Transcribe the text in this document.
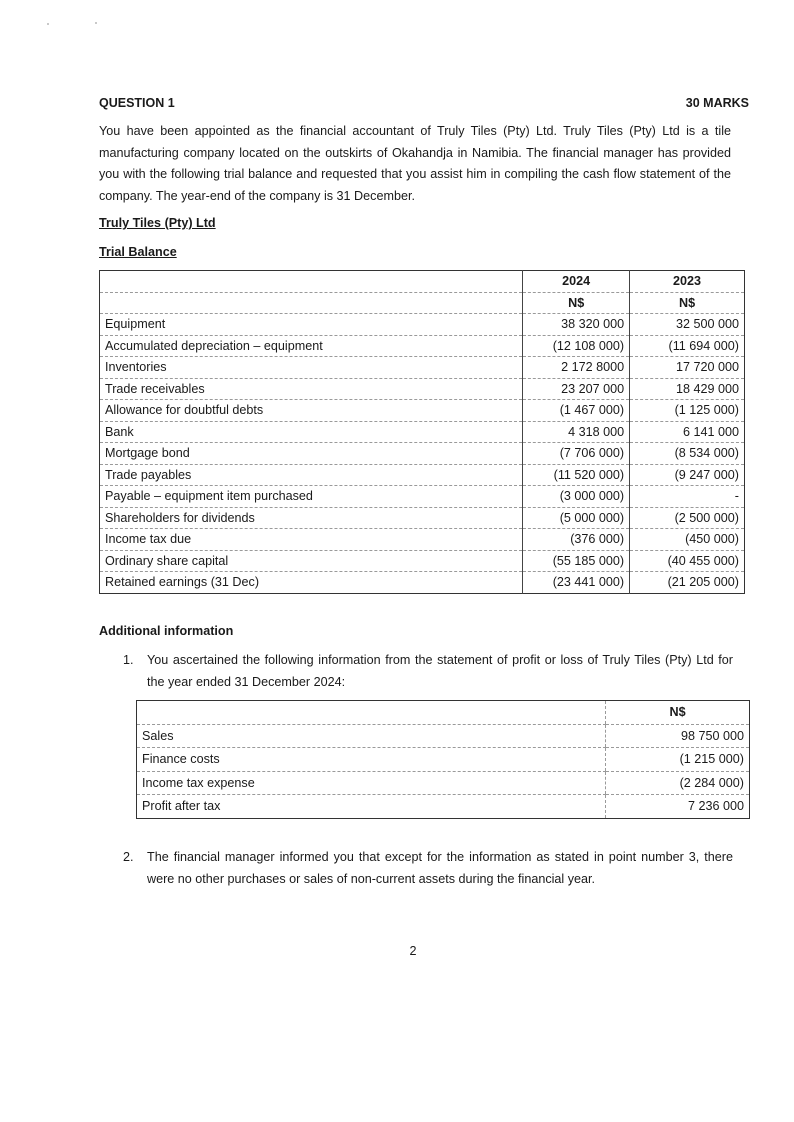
QUESTION 1	30 MARKS

You have been appointed as the financial accountant of Truly Tiles (Pty) Ltd. Truly Tiles (Pty) Ltd is a tile manufacturing company located on the outskirts of Okahandja in Namibia. The financial manager has provided you with the following trial balance and requested that you assist him in compiling the cash flow statement of the company. The year-end of the company is 31 December.

Truly Tiles (Pty) Ltd

Trial Balance

	2024	2023
	N$	N$
Equipment	38 320 000	32 500 000
Accumulated depreciation – equipment	(12 108 000)	(11 694 000)
Inventories	2 172 8000	17 720 000
Trade receivables	23 207 000	18 429 000
Allowance for doubtful debts	(1 467 000)	(1 125 000)
Bank	4 318 000	6 141 000
Mortgage bond	(7 706 000)	(8 534 000)
Trade payables	(11 520 000)	(9 247 000)
Payable – equipment item purchased	(3 000 000)	-
Shareholders for dividends	(5 000 000)	(2 500 000)
Income tax due	(376 000)	(450 000)
Ordinary share capital	(55 185 000)	(40 455 000)
Retained earnings (31 Dec)	(23 441 000)	(21 205 000)

Additional information

1.	You ascertained the following information from the statement of profit or loss of Truly Tiles (Pty) Ltd for the year ended 31 December 2024:
	N$
Sales	98 750 000
Finance costs	(1 215 000)
Income tax expense	(2 284 000)
Profit after tax	7 236 000
2.	The financial manager informed you that except for the information as stated in point number 3, there were no other purchases or sales of non-current assets during the financial year.
2
